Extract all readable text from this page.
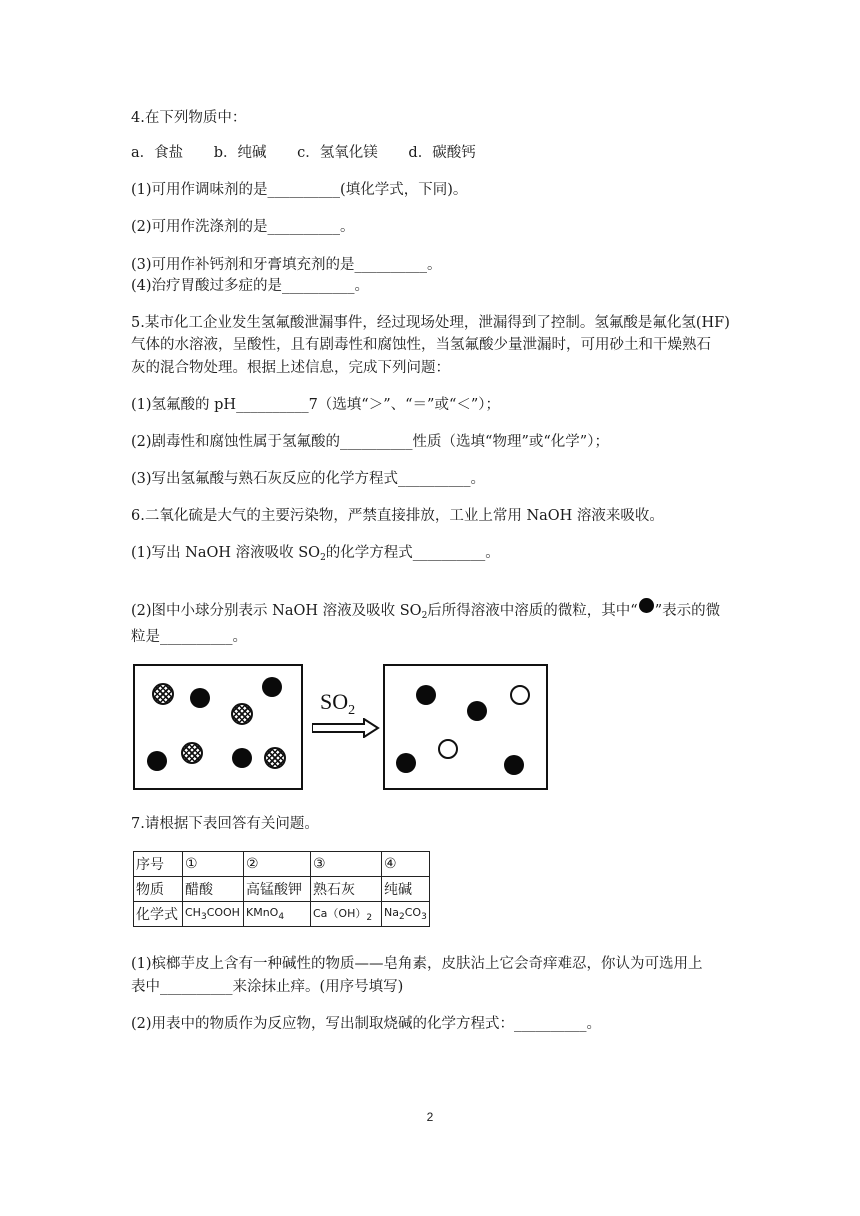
4.在下列物质中：
a．食盐 b．纯碱 c．氢氧化镁 d．碳酸钙
(1)可用作调味剂的是__________(填化学式，下同)。
(2)可用作洗涤剂的是__________。
(3)可用作补钙剂和牙膏填充剂的是__________。
(4)治疗胃酸过多症的是__________。
5.某市化工企业发生氢氟酸泄漏事件，经过现场处理，泄漏得到了控制。氢氟酸是氟化氢(HF)
气体的水溶液，呈酸性，且有剧毒性和腐蚀性，当氢氟酸少量泄漏时，可用砂土和干燥熟石
灰的混合物处理。根据上述信息，完成下列问题：
(1)氢氟酸的 pH__________7（选填“＞”、“＝”或“＜”）；
(2)剧毒性和腐蚀性属于氢氟酸的__________性质（选填“物理”或“化学”）；
(3)写出氢氟酸与熟石灰反应的化学方程式__________。
6.二氧化硫是大气的主要污染物，严禁直接排放，工业上常用 NaOH 溶液来吸收。
(1)写出 NaOH 溶液吸收 $SO_2$的化学方程式__________。
(2)图中小球分别表示 NaOH 溶液及吸收 $SO_2$后所得溶液中溶质的微粒，其中“ ”表示的微
粒是__________。
$SO_2$
7.请根据下表回答有关问题。
序号	①	②	③	④
物质	醋酸	高锰酸钾	熟石灰	纯碱
化学式	$CH_3COOH$	KMnO$_4$	$Ca(OH)_2$	$Na_2CO_3$
(1)槟榔芋皮上含有一种碱性的物质——皂角素，皮肤沾上它会奇痒难忍，你认为可选用上
表中__________来涂抹止痒。(用序号填写)
(2)用表中的物质作为反应物，写出制取烧碱的化学方程式：__________。
2
